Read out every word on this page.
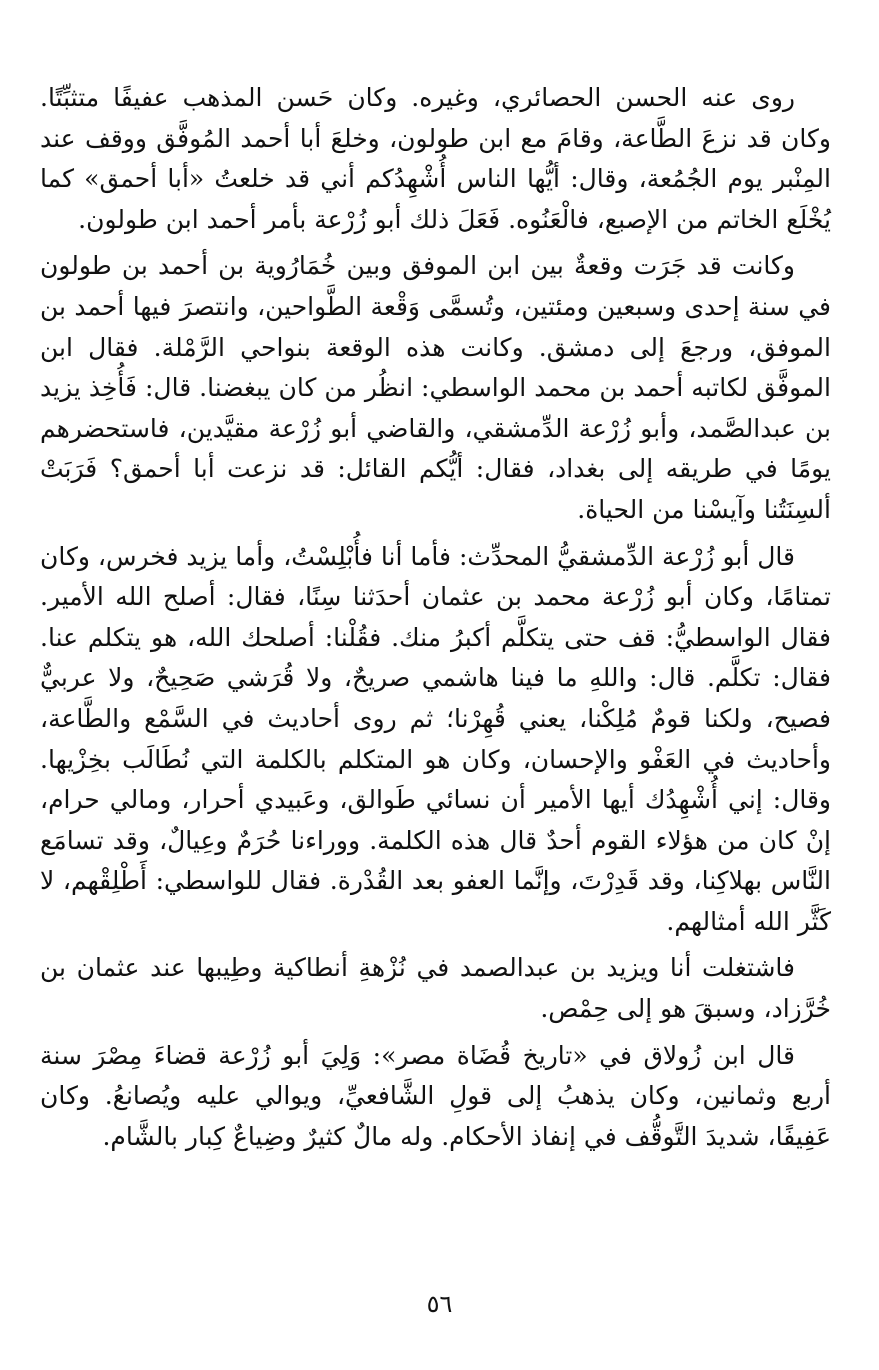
روى عنه الحسن الحصائري، وغيره. وكان حَسن المذهب عفيفًا متثبِّتًا. وكان قد نزعَ الطَّاعة، وقامَ مع ابن طولون، وخلعَ أبا أحمد المُوفَّق ووقف عند المِنْبر يوم الجُمُعة، وقال: أيُّها الناس أُشْهِدُكم أني قد خلعتُ «أبا أحمق» كما يُخْلَع الخاتم من الإصبع، فالْعَنُوه. فَعَلَ ذلك أبو زُرْعة بأمر أحمد ابن طولون.

وكانت قد جَرَت وقعةٌ بين ابن الموفق وبين خُمَارُوية بن أحمد بن طولون في سنة إحدى وسبعين ومئتين، وتُسمَّى وَقْعة الطَّواحين، وانتصرَ فيها أحمد بن الموفق، ورجعَ إلى دمشق. وكانت هذه الوقعة بنواحي الرَّمْلة. فقال ابن الموفَّق لكاتبه أحمد بن محمد الواسطي: انظُر من كان يبغضنا. قال: فَأُخِذ يزيد بن عبدالصَّمد، وأبو زُرْعة الدِّمشقي، والقاضي أبو زُرْعة مقيَّدين، فاستحضرهم يومًا في طريقه إلى بغداد، فقال: أيُّكم القائل: قد نزعت أبا أحمق؟ فَرَبَتْ ألسِنَتُنا وآيسْنا من الحياة.

قال أبو زُرْعة الدِّمشقيُّ المحدِّث: فأما أنا فأُبْلِسْتُ، وأما يزيد فخرس، وكان تمتامًا، وكان أبو زُرْعة محمد بن عثمان أحدَثنا سِنًا، فقال: أصلح الله الأمير. فقال الواسطيُّ: قف حتى يتكلَّم أكبرُ منك. فقُلْنا: أصلحك الله، هو يتكلم عنا. فقال: تكلَّم. قال: واللهِ ما فينا هاشمي صريحٌ، ولا قُرَشي صَحِيحٌ، ولا عربيٌّ فصيح، ولكنا قومٌ مُلِكْنا، يعني قُهِرْنا؛ ثم روى أحاديث في السَّمْع والطَّاعة، وأحاديث في العَفْو والإحسان، وكان هو المتكلم بالكلمة التي نُطَالَب بخِزْيها. وقال: إني أُشْهِدُك أيها الأمير أن نسائي طَوالق، وعَبيدي أحرار، ومالي حرام، إنْ كان من هؤلاء القوم أحدٌ قال هذه الكلمة. ووراءنا حُرَمٌ وعِيالٌ، وقد تسامَع النَّاس بهلاكِنا، وقد قَدِرْتَ، وإنَّما العفو بعد القُدْرة. فقال للواسطي: أَطْلِقْهم، لا كَثَّر الله أمثالهم.

فاشتغلت أنا ويزيد بن عبدالصمد في نُزْهةِ أنطاكية وطِيبها عند عثمان بن خُرَّزاد، وسبقَ هو إلى حِمْص.

قال ابن زُولاق في «تاريخ قُضَاة مصر»: وَلِيَ أبو زُرْعة قضاءَ مِصْرَ سنة أربع وثمانين، وكان يذهبُ إلى قولِ الشَّافعيِّ، ويوالي عليه ويُصانعُ. وكان عَفِيفًا، شديدَ التَّوقُّف في إنفاذ الأحكام. وله مالٌ كثيرٌ وضِياعٌ كِبار بالشَّام.

٥٦
